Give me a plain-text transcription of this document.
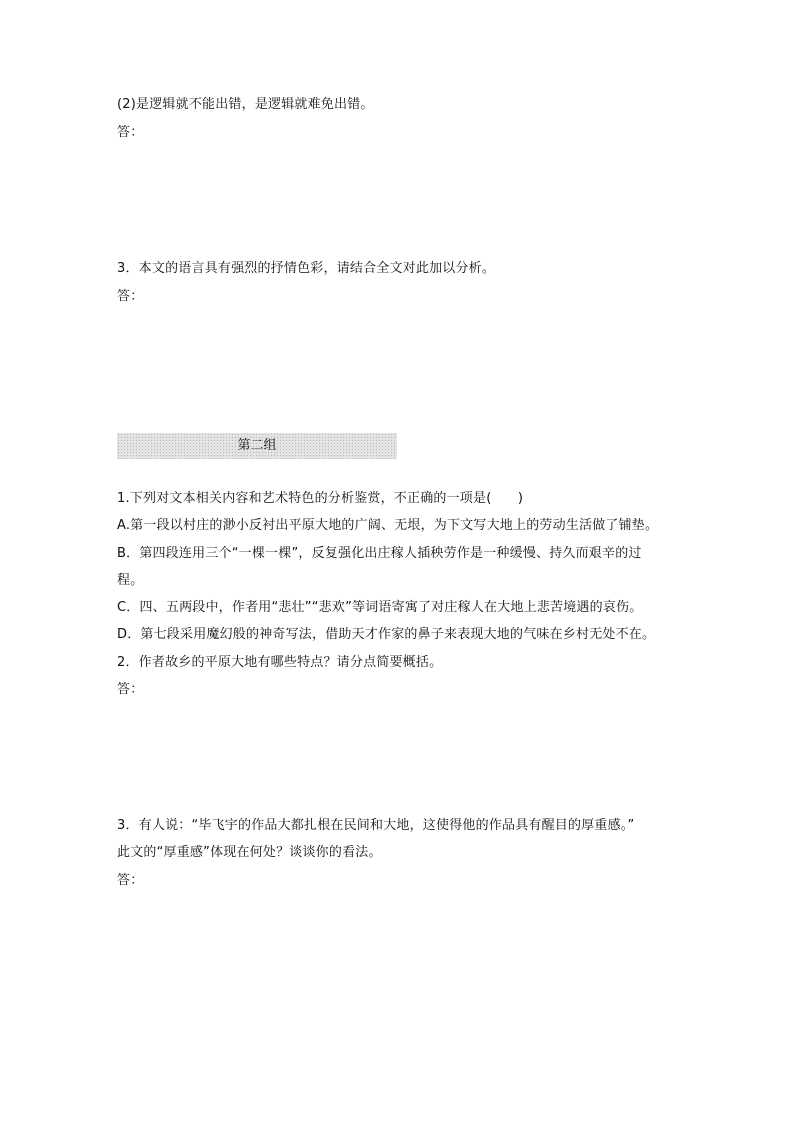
(2)是逻辑就不能出错，是逻辑就难免出错。
答：
3．本文的语言具有强烈的抒情色彩，请结合全文对此加以分析。
答：
第二组
1.下列对文本相关内容和艺术特色的分析鉴赏，不正确的一项是(　　)
A.第一段以村庄的渺小反衬出平原大地的广阔、无垠，为下文写大地上的劳动生活做了铺垫。
B．第四段连用三个“一棵一棵”，反复强化出庄稼人插秧劳作是一种缓慢、持久而艰辛的过
程。
C．四、五两段中，作者用“悲壮”“悲欢”等词语寄寓了对庄稼人在大地上悲苦境遇的哀伤。
D．第七段采用魔幻般的神奇写法，借助天才作家的鼻子来表现大地的气味在乡村无处不在。
2．作者故乡的平原大地有哪些特点？请分点简要概括。
答：
3．有人说：“毕飞宇的作品大都扎根在民间和大地，这使得他的作品具有醒目的厚重感。”
此文的“厚重感”体现在何处？谈谈你的看法。
答：
